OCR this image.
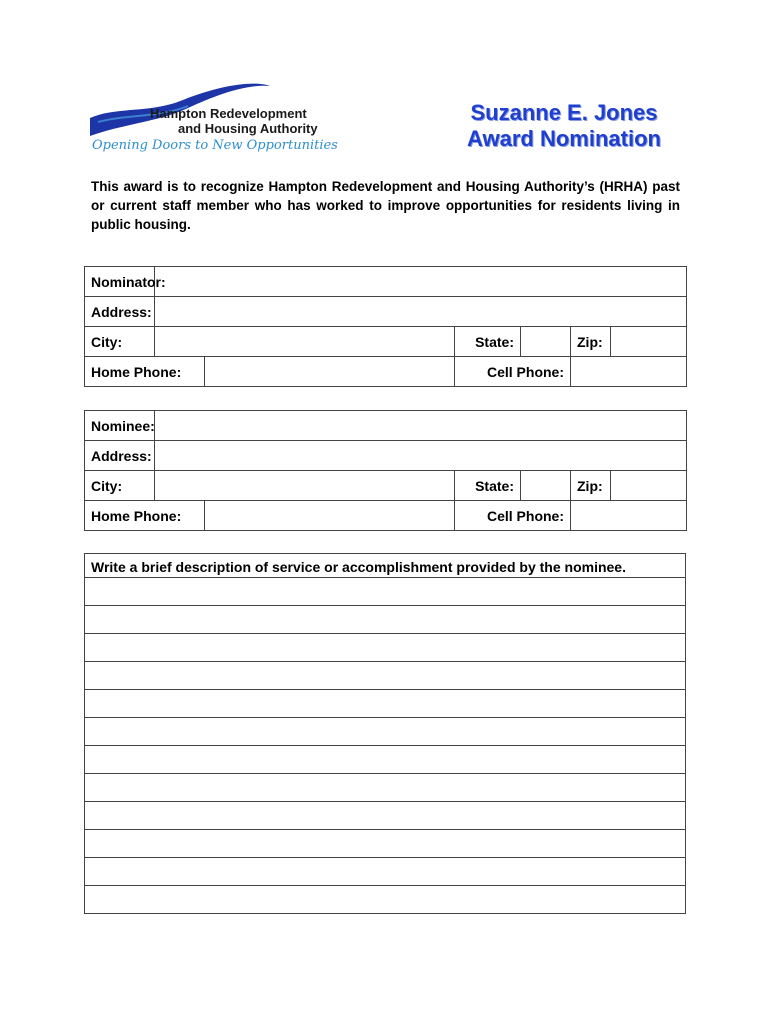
Hampton Redevelopment
and Housing Authority
Opening Doors to New Opportunities
Suzanne E. Jones
Award Nomination
This award is to recognize Hampton Redevelopment and Housing Authority’s (HRHA) past or current staff member who has worked to improve opportunities for residents living in public housing.
Nominator:						
Address:						
City:			State:		Zip:	
Home Phone:			Cell Phone:			
Nominee:						
Address:						
City:			State:		Zip:	
Home Phone:			Cell Phone:			
Write a brief description of service or accomplishment provided by the nominee.
